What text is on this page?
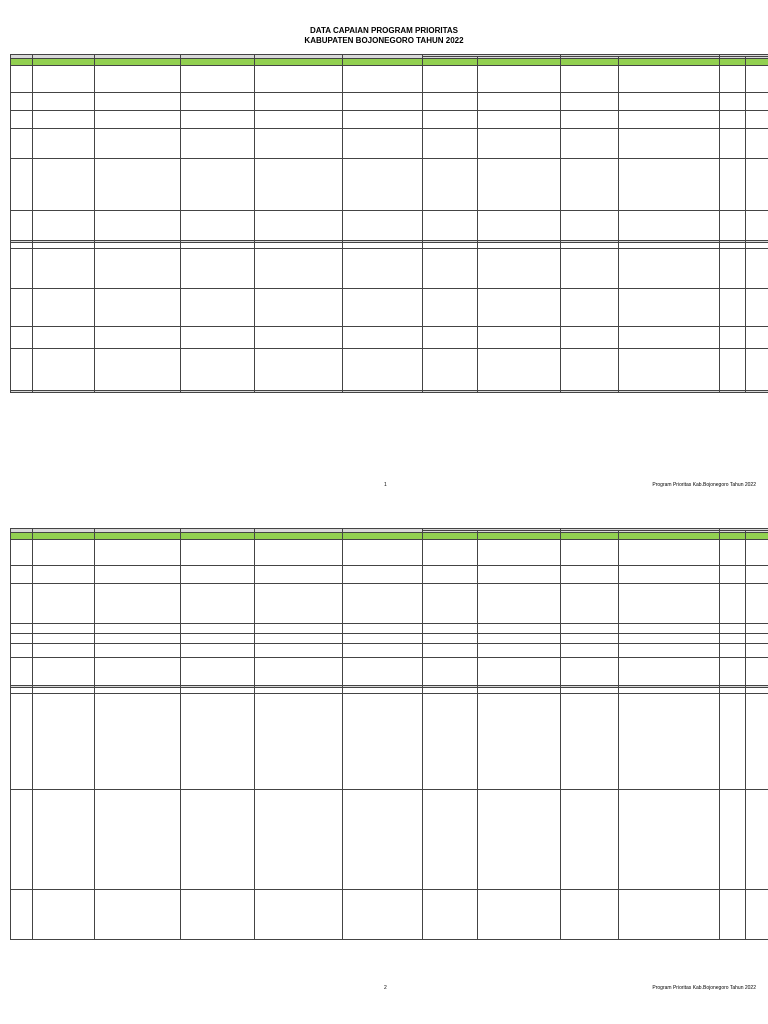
DATA CAPAIAN PROGRAM PRIORITAS
KABUPATEN BOJONEGORO TAHUN 2022

1	Program Prioritas Kab.Bojonegoro Tahun 2022

2	Program Prioritas Kab.Bojonegoro Tahun 2022
